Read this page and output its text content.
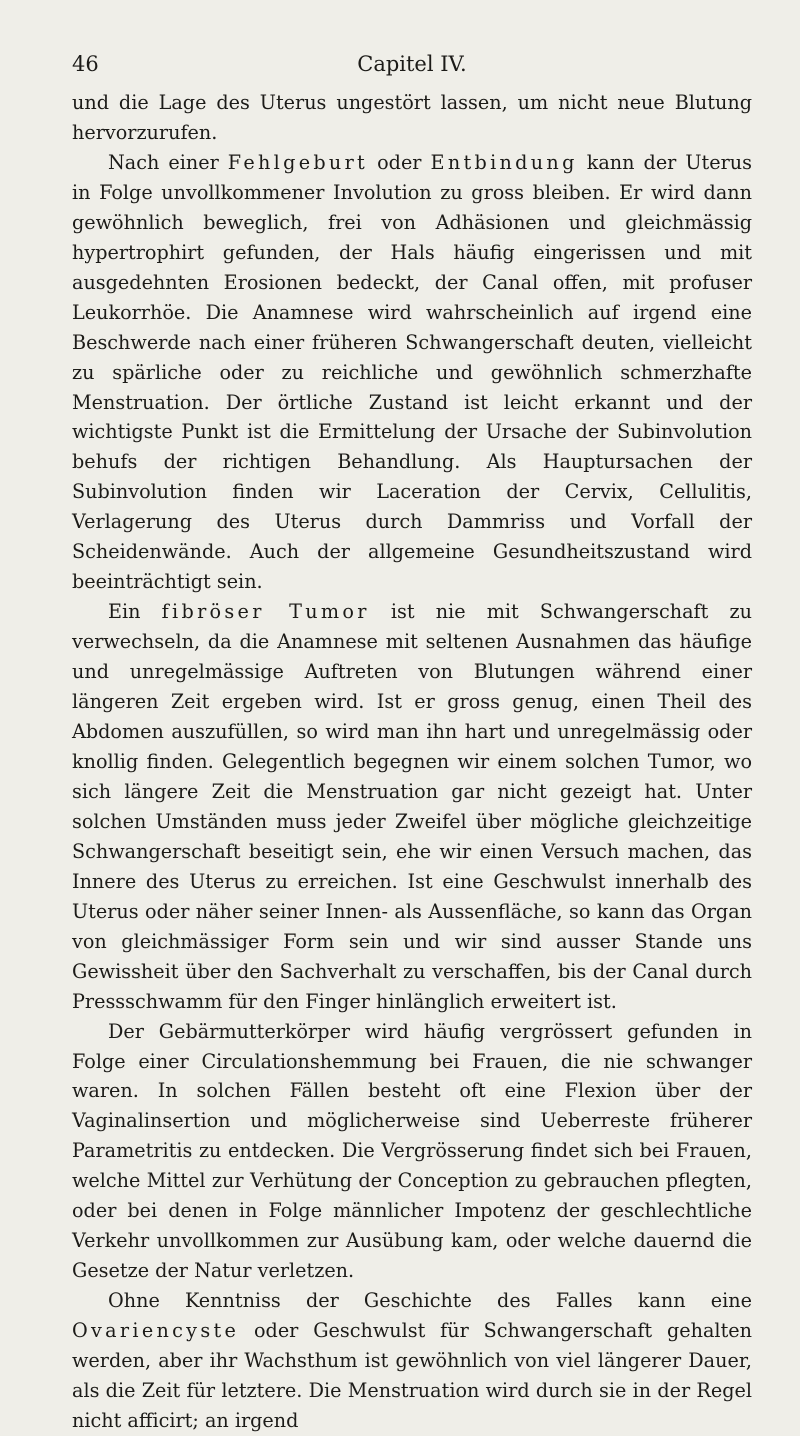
46	Capitel IV.

und die Lage des Uterus ungestört lassen, um nicht neue Blutung hervorzurufen.

Nach einer Fehlgeburt oder Entbindung kann der Uterus in Folge unvollkommener Involution zu gross bleiben. Er wird dann gewöhnlich beweglich, frei von Adhäsionen und gleichmässig hypertrophirt gefunden, der Hals häufig eingerissen und mit ausgedehnten Erosionen bedeckt, der Canal offen, mit profuser Leukorrhöe. Die Anamnese wird wahrscheinlich auf irgend eine Beschwerde nach einer früheren Schwangerschaft deuten, vielleicht zu spärliche oder zu reichliche und gewöhnlich schmerzhafte Menstruation. Der örtliche Zustand ist leicht erkannt und der wichtigste Punkt ist die Ermittelung der Ursache der Subinvolution behufs der richtigen Behandlung. Als Hauptursachen der Subinvolution finden wir Laceration der Cervix, Cellulitis, Verlagerung des Uterus durch Dammriss und Vorfall der Scheidenwände. Auch der allgemeine Gesundheitszustand wird beeinträchtigt sein.

Ein fibröser Tumor ist nie mit Schwangerschaft zu verwechseln, da die Anamnese mit seltenen Ausnahmen das häufige und unregelmässige Auftreten von Blutungen während einer längeren Zeit ergeben wird. Ist er gross genug, einen Theil des Abdomen auszufüllen, so wird man ihn hart und unregelmässig oder knollig finden. Gelegentlich begegnen wir einem solchen Tumor, wo sich längere Zeit die Menstruation gar nicht gezeigt hat. Unter solchen Umständen muss jeder Zweifel über mögliche gleichzeitige Schwangerschaft beseitigt sein, ehe wir einen Versuch machen, das Innere des Uterus zu erreichen. Ist eine Geschwulst innerhalb des Uterus oder näher seiner Innen- als Aussenfläche, so kann das Organ von gleichmässiger Form sein und wir sind ausser Stande uns Gewissheit über den Sachverhalt zu verschaffen, bis der Canal durch Pressschwamm für den Finger hinlänglich erweitert ist.

Der Gebärmutterkörper wird häufig vergrössert gefunden in Folge einer Circulationshemmung bei Frauen, die nie schwanger waren. In solchen Fällen besteht oft eine Flexion über der Vaginalinsertion und möglicherweise sind Ueberreste früherer Parametritis zu entdecken. Die Vergrösserung findet sich bei Frauen, welche Mittel zur Verhütung der Conception zu gebrauchen pflegten, oder bei denen in Folge männlicher Impotenz der geschlechtliche Verkehr unvollkommen zur Ausübung kam, oder welche dauernd die Gesetze der Natur verletzen.

Ohne Kenntniss der Geschichte des Falles kann eine Ovariencyste oder Geschwulst für Schwangerschaft gehalten werden, aber ihr Wachsthum ist gewöhnlich von viel längerer Dauer, als die Zeit für letztere. Die Menstruation wird durch sie in der Regel nicht afficirt; an irgend
